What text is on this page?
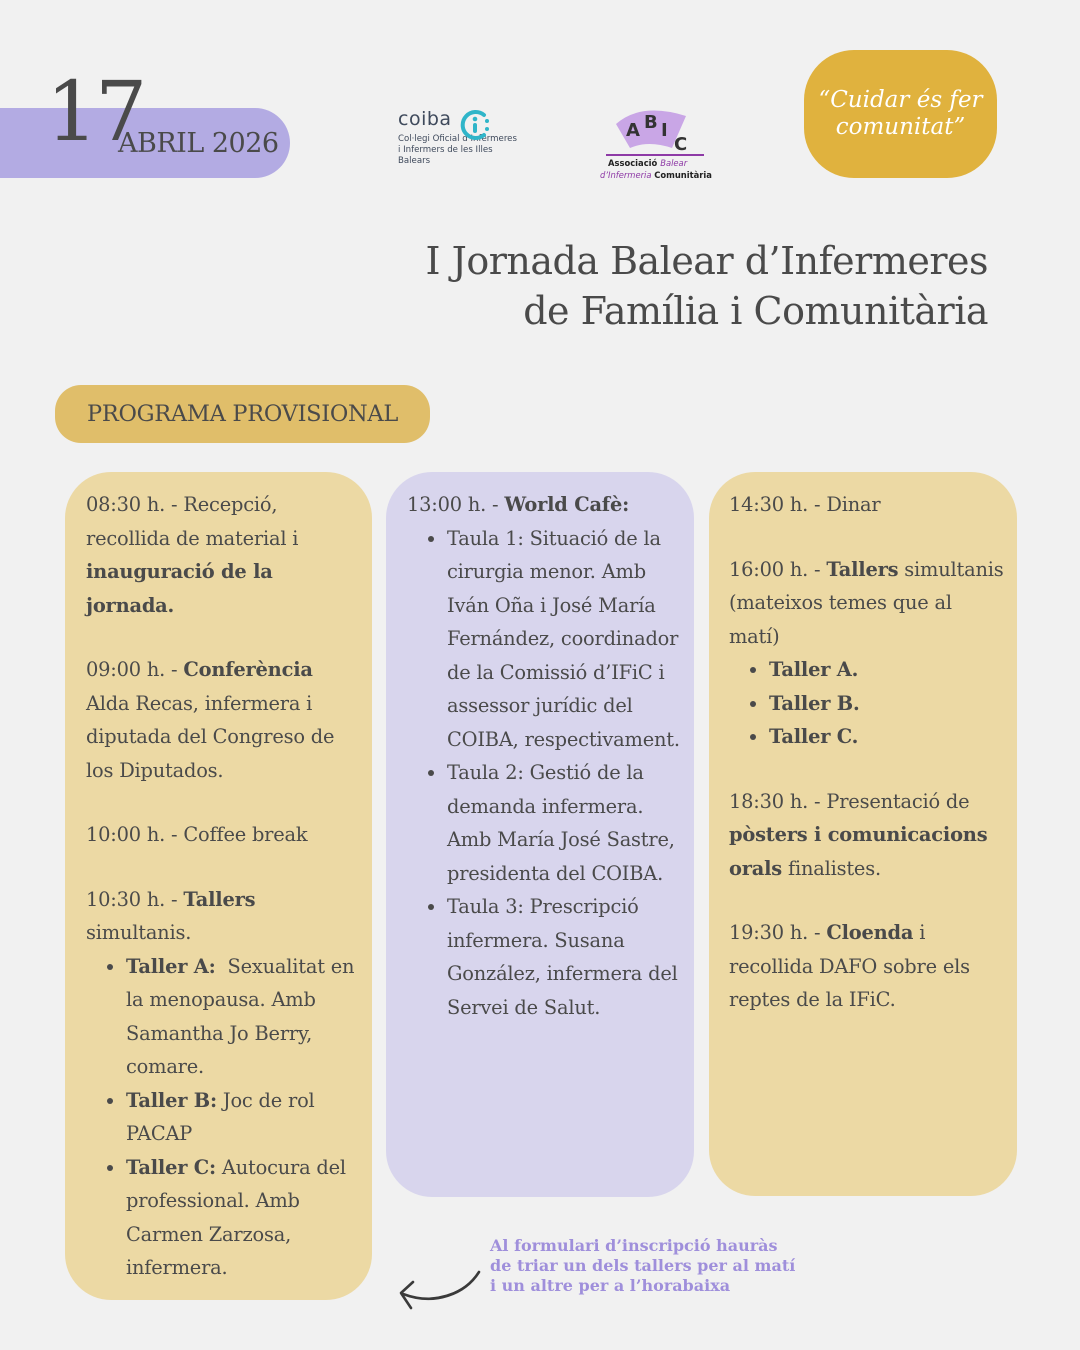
17
ABRIL 2026
coiba
Col·legi Oficial d’Infermeres i Infermers de les Illes Balears
A B I
C
Associació Balear
d’Infermeria Comunitària
“Cuidar és fer comunitat”
I Jornada Balear d’Infermeres
de Família i Comunitària
PROGRAMA PROVISIONAL
08:30 h. - Recepció, recollida de material i inauguració de la jornada.
09:00 h. - Conferència Alda Recas, infermera i diputada del Congreso de los Diputados.
10:00 h. - Coffee break
10:30 h. - Tallers simultanis.
Taller A:  Sexualitat en la menopausa. Amb Samantha Jo Berry, comare.
Taller B: Joc de rol PACAP
Taller C: Autocura del professional. Amb Carmen Zarzosa, infermera.
13:00 h. - World Cafè:
Taula 1: Situació de la cirurgia menor. Amb Iván Oña i José María Fernández, coordinador de la Comissió d’IFiC i assessor jurídic del COIBA, respectivament.
Taula 2: Gestió de la demanda infermera. Amb María José Sastre, presidenta del COIBA.
Taula 3: Prescripció infermera. Susana González, infermera del Servei de Salut.
14:30 h. - Dinar
16:00 h. - Tallers simultanis (mateixos temes que al matí)
Taller A.
Taller B.
Taller C.
18:30 h. - Presentació de pòsters i comunicacions orals finalistes.
19:30 h. - Cloenda i recollida DAFO sobre els reptes de la IFiC.
Al formulari d’inscripció hauràs de triar un dels tallers per al matí i un altre per a l’horabaixa
